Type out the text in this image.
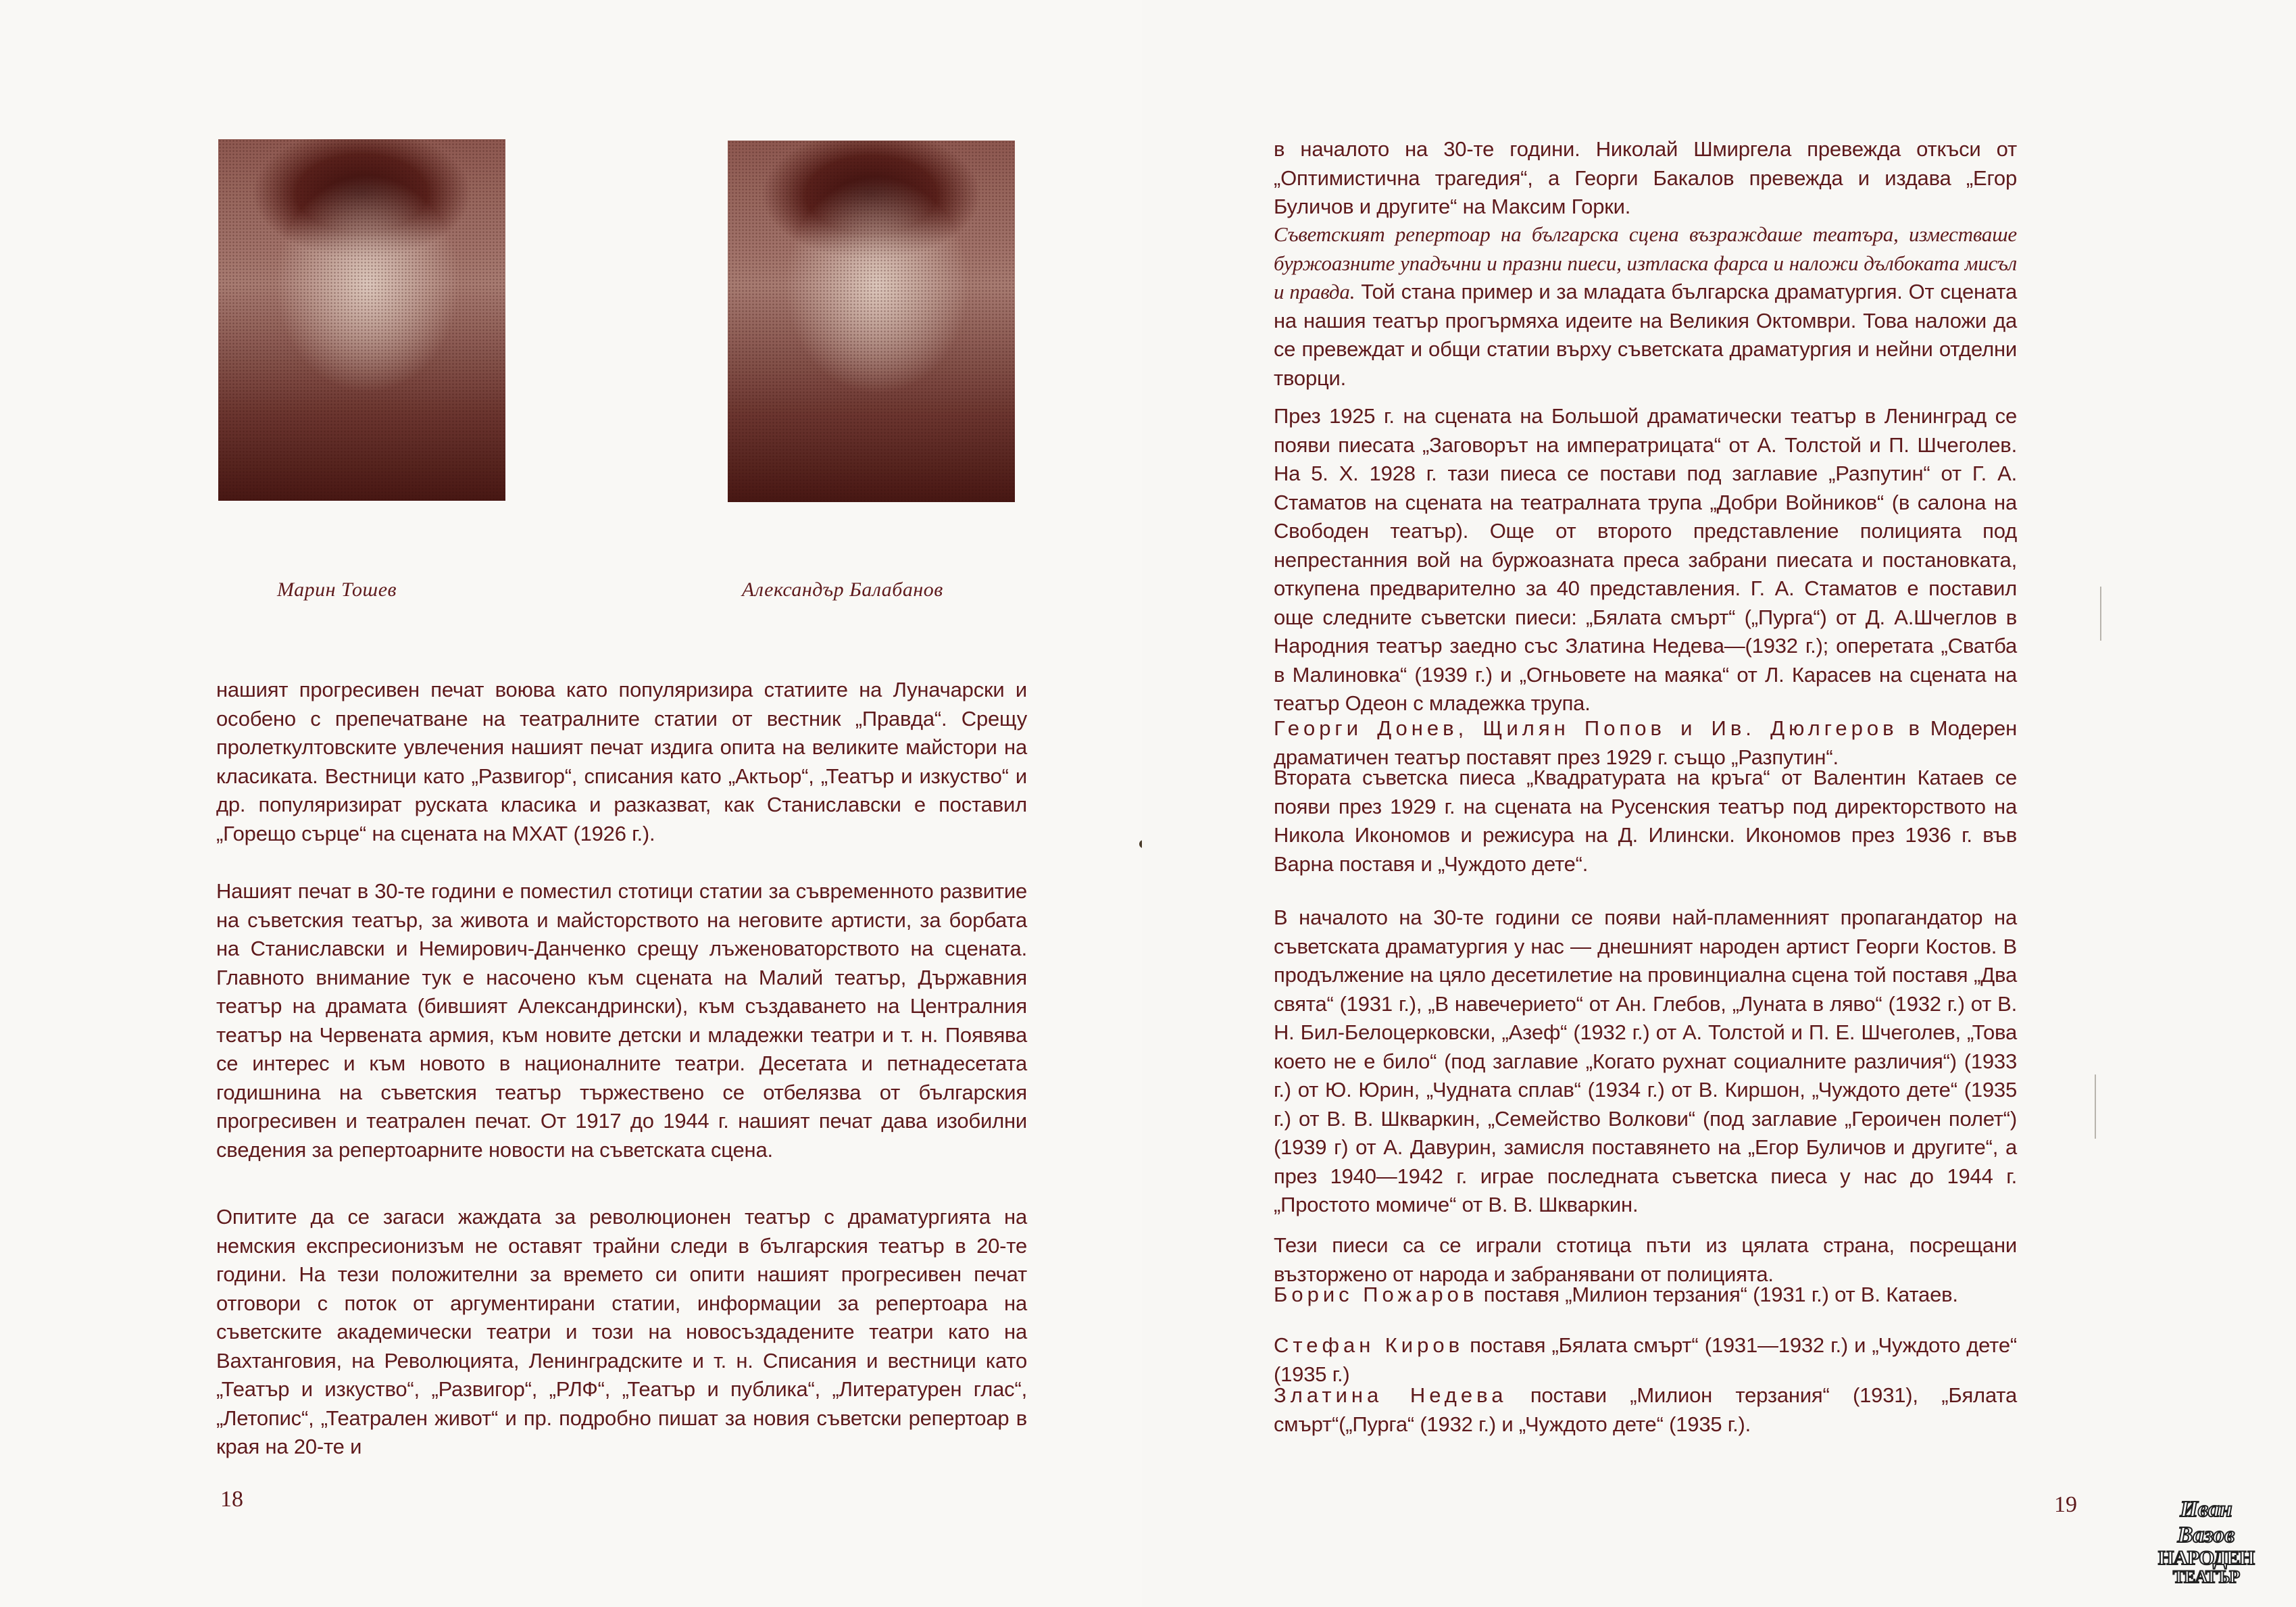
Марин Тошев	Александър Балабанов

нашият прогресивен печат воюва като популяризира статиите на Луначарски и особено с препечатване на театралните статии от вестник „Правда“. Срещу пролеткултовските увлечения нашият печат издига опита на великите майстори на класиката. Вестници като „Развигор“, списания като „Актьор“, „Театър и изкуство“ и др. популяризират руската класика и разказват, как Станиславски е поставил „Горещо сърце“ на сцената на МХАТ (1926 г.).

Нашият печат в 30-те години е поместил стотици статии за съвременното развитие на съветския театър, за живота и майсторството на неговите артисти, за борбата на Станиславски и Немирович-Данченко срещу лъженоваторството на сцената. Главното внимание тук е насочено към сцената на Малий театър, Държавния театър на драмата (бившият Александрински), към създаването на Централния театър на Червената армия, към новите детски и младежки театри и т. н. Появява се интерес и към новото в националните театри. Десетата и петнадесетата годишнина на съветския театър тържествено се отбелязва от българския прогресивен и театрален печат. От 1917 до 1944 г. нашият печат дава изобилни сведения за репертоарните новости на съветската сцена.

Опитите да се загаси жаждата за революционен театър с драматургията на немския експресионизъм не оставят трайни следи в българския театър в 20-те години. На тези положителни за времето си опити нашият прогресивен печат отговори с поток от аргументирани статии, информации за репертоара на съветските академически театри и този на новосъздадените театри като на Вахтанговия, на Революцията, Ленинградските и т. н. Списания и вестници като „Театър и изкуство“, „Развигор“, „РЛФ“, „Театър и публика“, „Литературен глас“, „Летопис“, „Театрален живот“ и пр. подробно пишат за новия съветски репертоар в края на 20-те и

18

в началото на 30-те години. Николай Шмиргела превежда откъси от „Оптимистична трагедия“, а Георги Бакалов превежда и издава „Егор Буличов и другите“ на Максим Горки.

Съветският репертоар на българска сцена възраждаше театъра, изместваше буржоазните упадъчни и празни пиеси, изтласка фарса и наложи дълбоката мисъл и правда. Той стана пример и за младата българска драматургия. От сцената на нашия театър прогърмяха идеите на Великия Октомври. Това наложи да се превеждат и общи статии върху съветската драматургия и нейни отделни творци.

През 1925 г. на сцената на Большой драматически театър в Ленинград се появи пиесата „Заговорът на императрицата“ от А. Толстой и П. Шчеголев. На 5. X. 1928 г. тази пиеса се постави под заглавие „Разпутин“ от Г. А. Стаматов на сцената на театралната трупа „Добри Войников“ (в салона на Свободен театър). Още от второто представление полицията под непрестанния вой на буржоазната преса забрани пиесата и постановката, откупена предварително за 40 представления. Г. А. Стаматов е поставил още следните съветски пиеси: „Бялата смърт“ („Пурга“) от Д. А.Шчеглов в Народния театър заедно със Златина Недева—(1932 г.); оперетата „Сватба в Малиновка“ (1939 г.) и „Огньовете на маяка“ от Л. Карасев на сцената на театър Одеон с младежка трупа.

Георги Донев, Щилян Попов и Ив. Дюлгеров в Модерен драматичен театър поставят през 1929 г. също „Разпутин“.

Втората съветска пиеса „Квадратурата на кръга“ от Валентин Катаев се появи през 1929 г. на сцената на Русенския театър под директорството на Никола Икономов и режисура на Д. Илински. Икономов през 1936 г. във Варна поставя и „Чуждото дете“.

В началото на 30-те години се появи най-пламенният пропагандатор на съветската драматургия у нас — днешният народен артист Георги Костов. В продължение на цяло десетилетие на провинциална сцена той поставя „Два свята“ (1931 г.), „В навечерието“ от Ан. Глебов, „Луната в ляво“ (1932 г.) от В. Н. Бил-Белоцерковски, „Азеф“ (1932 г.) от А. Толстой и П. Е. Шчеголев, „Това което не е било“ (под заглавие „Когато рухнат социалните различия“) (1933 г.) от Ю. Юрин, „Чудната сплав“ (1934 г.) от В. Киршон, „Чуждото дете“ (1935 г.) от В. В. Шкваркин, „Семейство Волкови“ (под заглавие „Героичен полет“) (1939 г) от А. Давурин, замисля поставянето на „Егор Буличов и другите“, а през 1940—1942 г. играе последната съветска пиеса у нас до 1944 г. „Простото момиче“ от В. В. Шкваркин.

Тези пиеси са се играли стотица пъти из цялата страна, посрещани възторжено от народа и забранявани от полицията.

Борис Пожаров поставя „Милион терзания“ (1931 г.) от В. Катаев.

Стефан Киров поставя „Бялата смърт“ (1931—1932 г.) и „Чуждото дете“ (1935 г.)

Златина Недева постави „Милион терзания“ (1931), „Бялата смърт“(„Пурга“ (1932 г.) и „Чуждото дете“ (1935 г.).

19	Иван Вазов
НАРОДЕН
ТЕАТЪР
